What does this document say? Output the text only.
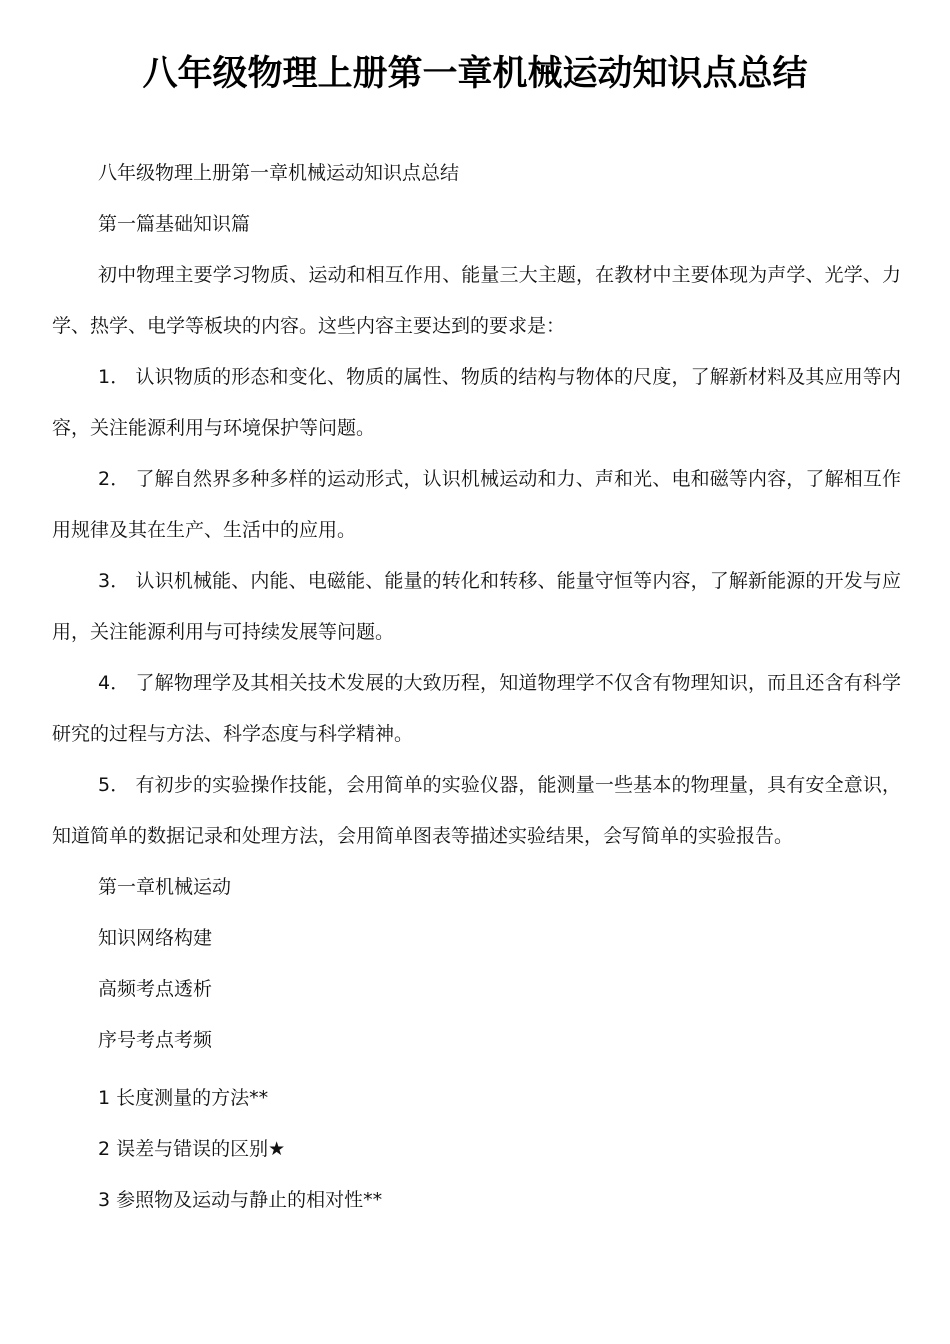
八年级物理上册第一章机械运动知识点总结

八年级物理上册第一章机械运动知识点总结

第一篇基础知识篇

初中物理主要学习物质、运动和相互作用、能量三大主题，在教材中主要体现为声学、光学、力学、热学、电学等板块的内容。这些内容主要达到的要求是：

1． 认识物质的形态和变化、物质的属性、物质的结构与物体的尺度，了解新材料及其应用等内容，关注能源利用与环境保护等问题。

2． 了解自然界多种多样的运动形式，认识机械运动和力、声和光、电和磁等内容，了解相互作用规律及其在生产、生活中的应用。

3． 认识机械能、内能、电磁能、能量的转化和转移、能量守恒等内容，了解新能源的开发与应用，关注能源利用与可持续发展等问题。

4． 了解物理学及其相关技术发展的大致历程，知道物理学不仅含有物理知识，而且还含有科学研究的过程与方法、科学态度与科学精神。

5． 有初步的实验操作技能，会用简单的实验仪器，能测量一些基本的物理量，具有安全意识，知道简单的数据记录和处理方法，会用简单图表等描述实验结果，会写简单的实验报告。

第一章机械运动

知识网络构建

高频考点透析

序号考点考频

1 长度测量的方法**

2 误差与错误的区别★

3 参照物及运动与静止的相对性**
